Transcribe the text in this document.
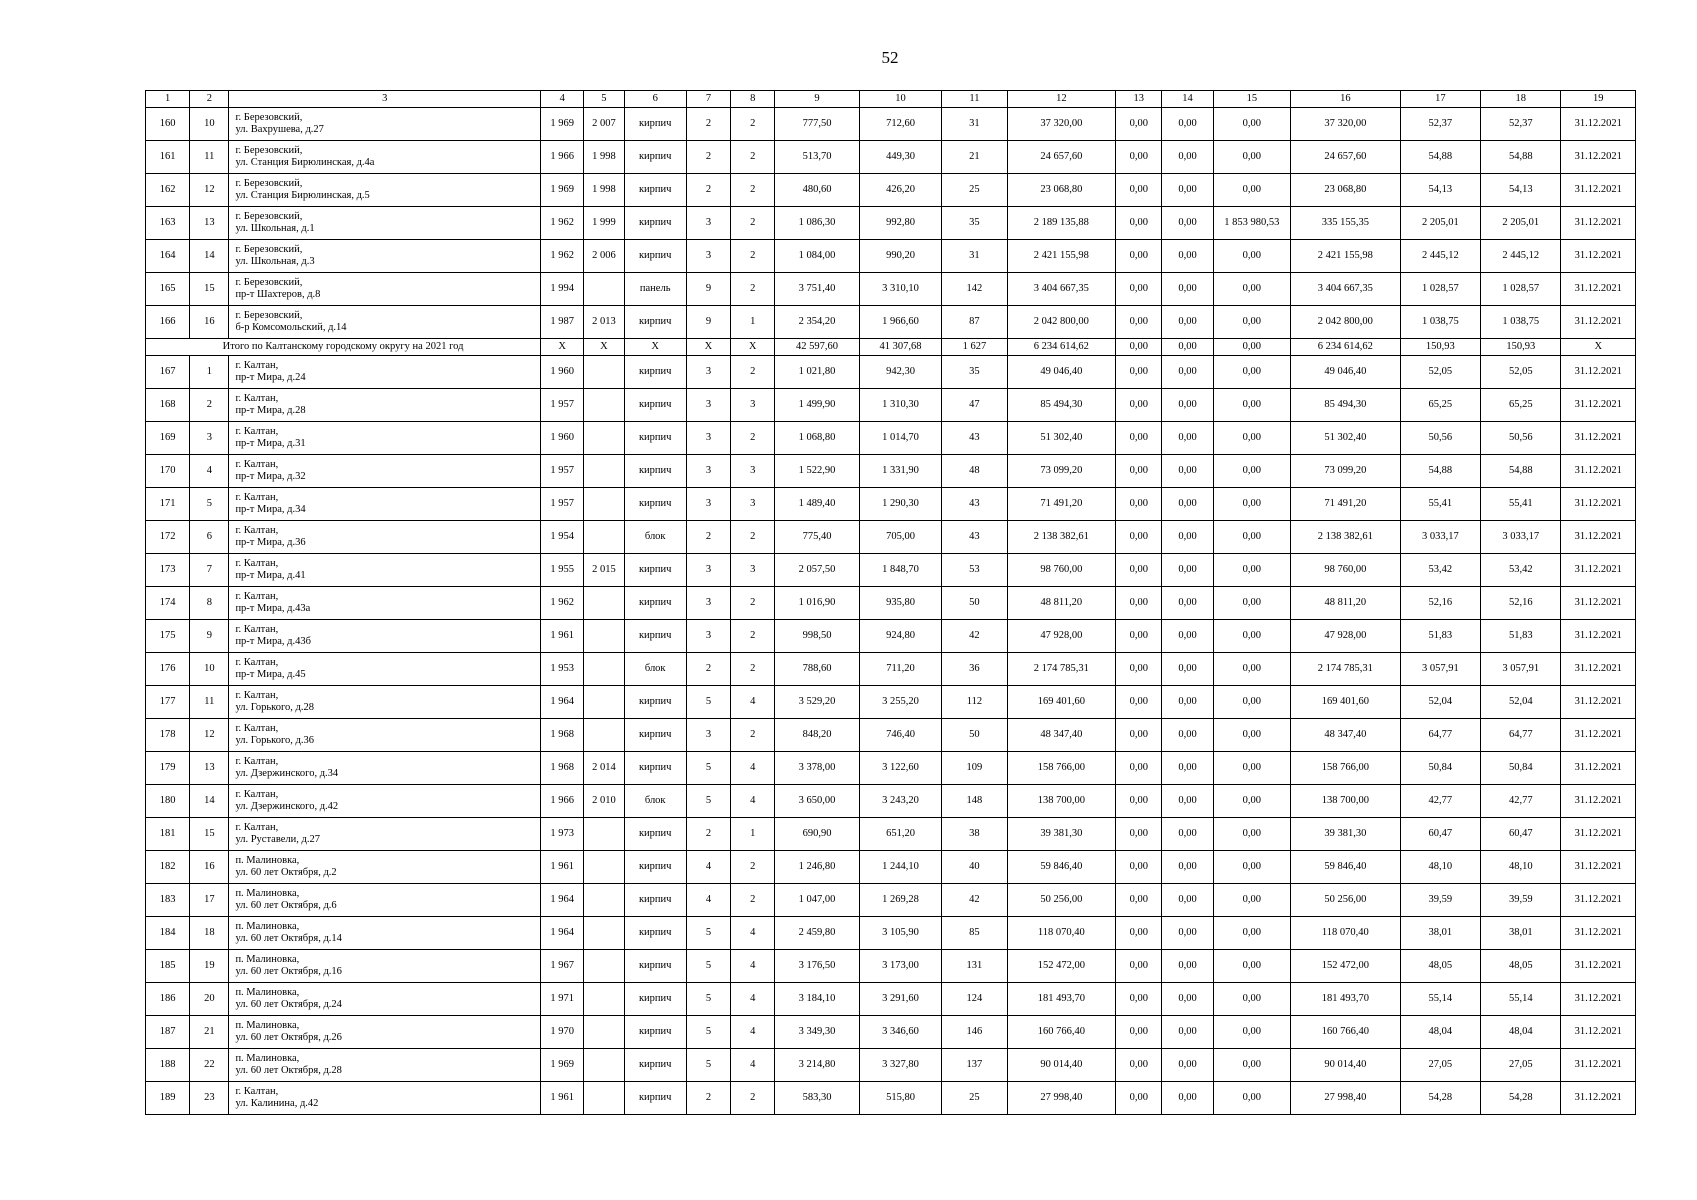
52
1	2	3	4	5	6	7	8	9	10	11	12	13	14	15	16	17	18	19
160	10	г. Березовский,
ул. Вахрушева, д.27	1 969	2 007	кирпич	2	2	777,50	712,60	31	37 320,00	0,00	0,00	0,00	37 320,00	52,37	52,37	31.12.2021
161	11	г. Березовский,
ул. Станция Бирюлинская, д.4а	1 966	1 998	кирпич	2	2	513,70	449,30	21	24 657,60	0,00	0,00	0,00	24 657,60	54,88	54,88	31.12.2021
162	12	г. Березовский,
ул. Станция Бирюлинская, д.5	1 969	1 998	кирпич	2	2	480,60	426,20	25	23 068,80	0,00	0,00	0,00	23 068,80	54,13	54,13	31.12.2021
163	13	г. Березовский,
ул. Школьная, д.1	1 962	1 999	кирпич	3	2	1 086,30	992,80	35	2 189 135,88	0,00	0,00	1 853 980,53	335 155,35	2 205,01	2 205,01	31.12.2021
164	14	г. Березовский,
ул. Школьная, д.3	1 962	2 006	кирпич	3	2	1 084,00	990,20	31	2 421 155,98	0,00	0,00	0,00	2 421 155,98	2 445,12	2 445,12	31.12.2021
165	15	г. Березовский,
пр-т Шахтеров, д.8	1 994		панель	9	2	3 751,40	3 310,10	142	3 404 667,35	0,00	0,00	0,00	3 404 667,35	1 028,57	1 028,57	31.12.2021
166	16	г. Березовский,
б-р Комсомольский, д.14	1 987	2 013	кирпич	9	1	2 354,20	1 966,60	87	2 042 800,00	0,00	0,00	0,00	2 042 800,00	1 038,75	1 038,75	31.12.2021
Итого по Калтанскому городскому округу на 2021 год			X	X	X	X	X	42 597,60	41 307,68	1 627	6 234 614,62	0,00	0,00	0,00	6 234 614,62	150,93	150,93	X
167	1	г. Калтан,
пр-т Мира, д.24	1 960		кирпич	3	2	1 021,80	942,30	35	49 046,40	0,00	0,00	0,00	49 046,40	52,05	52,05	31.12.2021
168	2	г. Калтан,
пр-т Мира, д.28	1 957		кирпич	3	3	1 499,90	1 310,30	47	85 494,30	0,00	0,00	0,00	85 494,30	65,25	65,25	31.12.2021
169	3	г. Калтан,
пр-т Мира, д.31	1 960		кирпич	3	2	1 068,80	1 014,70	43	51 302,40	0,00	0,00	0,00	51 302,40	50,56	50,56	31.12.2021
170	4	г. Калтан,
пр-т Мира, д.32	1 957		кирпич	3	3	1 522,90	1 331,90	48	73 099,20	0,00	0,00	0,00	73 099,20	54,88	54,88	31.12.2021
171	5	г. Калтан,
пр-т Мира, д.34	1 957		кирпич	3	3	1 489,40	1 290,30	43	71 491,20	0,00	0,00	0,00	71 491,20	55,41	55,41	31.12.2021
172	6	г. Калтан,
пр-т Мира, д.36	1 954		блок	2	2	775,40	705,00	43	2 138 382,61	0,00	0,00	0,00	2 138 382,61	3 033,17	3 033,17	31.12.2021
173	7	г. Калтан,
пр-т Мира, д.41	1 955	2 015	кирпич	3	3	2 057,50	1 848,70	53	98 760,00	0,00	0,00	0,00	98 760,00	53,42	53,42	31.12.2021
174	8	г. Калтан,
пр-т Мира, д.43а	1 962		кирпич	3	2	1 016,90	935,80	50	48 811,20	0,00	0,00	0,00	48 811,20	52,16	52,16	31.12.2021
175	9	г. Калтан,
пр-т Мира, д.43б	1 961		кирпич	3	2	998,50	924,80	42	47 928,00	0,00	0,00	0,00	47 928,00	51,83	51,83	31.12.2021
176	10	г. Калтан,
пр-т Мира, д.45	1 953		блок	2	2	788,60	711,20	36	2 174 785,31	0,00	0,00	0,00	2 174 785,31	3 057,91	3 057,91	31.12.2021
177	11	г. Калтан,
ул. Горького, д.28	1 964		кирпич	5	4	3 529,20	3 255,20	112	169 401,60	0,00	0,00	0,00	169 401,60	52,04	52,04	31.12.2021
178	12	г. Калтан,
ул. Горького, д.36	1 968		кирпич	3	2	848,20	746,40	50	48 347,40	0,00	0,00	0,00	48 347,40	64,77	64,77	31.12.2021
179	13	г. Калтан,
ул. Дзержинского, д.34	1 968	2 014	кирпич	5	4	3 378,00	3 122,60	109	158 766,00	0,00	0,00	0,00	158 766,00	50,84	50,84	31.12.2021
180	14	г. Калтан,
ул. Дзержинского, д.42	1 966	2 010	блок	5	4	3 650,00	3 243,20	148	138 700,00	0,00	0,00	0,00	138 700,00	42,77	42,77	31.12.2021
181	15	г. Калтан,
ул. Руставели, д.27	1 973		кирпич	2	1	690,90	651,20	38	39 381,30	0,00	0,00	0,00	39 381,30	60,47	60,47	31.12.2021
182	16	п. Малиновка,
ул. 60 лет Октября, д.2	1 961		кирпич	4	2	1 246,80	1 244,10	40	59 846,40	0,00	0,00	0,00	59 846,40	48,10	48,10	31.12.2021
183	17	п. Малиновка,
ул. 60 лет Октября, д.6	1 964		кирпич	4	2	1 047,00	1 269,28	42	50 256,00	0,00	0,00	0,00	50 256,00	39,59	39,59	31.12.2021
184	18	п. Малиновка,
ул. 60 лет Октября, д.14	1 964		кирпич	5	4	2 459,80	3 105,90	85	118 070,40	0,00	0,00	0,00	118 070,40	38,01	38,01	31.12.2021
185	19	п. Малиновка,
ул. 60 лет Октября, д.16	1 967		кирпич	5	4	3 176,50	3 173,00	131	152 472,00	0,00	0,00	0,00	152 472,00	48,05	48,05	31.12.2021
186	20	п. Малиновка,
ул. 60 лет Октября, д.24	1 971		кирпич	5	4	3 184,10	3 291,60	124	181 493,70	0,00	0,00	0,00	181 493,70	55,14	55,14	31.12.2021
187	21	п. Малиновка,
ул. 60 лет Октября, д.26	1 970		кирпич	5	4	3 349,30	3 346,60	146	160 766,40	0,00	0,00	0,00	160 766,40	48,04	48,04	31.12.2021
188	22	п. Малиновка,
ул. 60 лет Октября, д.28	1 969		кирпич	5	4	3 214,80	3 327,80	137	90 014,40	0,00	0,00	0,00	90 014,40	27,05	27,05	31.12.2021
189	23	г. Калтан,
ул. Калинина, д.42	1 961		кирпич	2	2	583,30	515,80	25	27 998,40	0,00	0,00	0,00	27 998,40	54,28	54,28	31.12.2021
